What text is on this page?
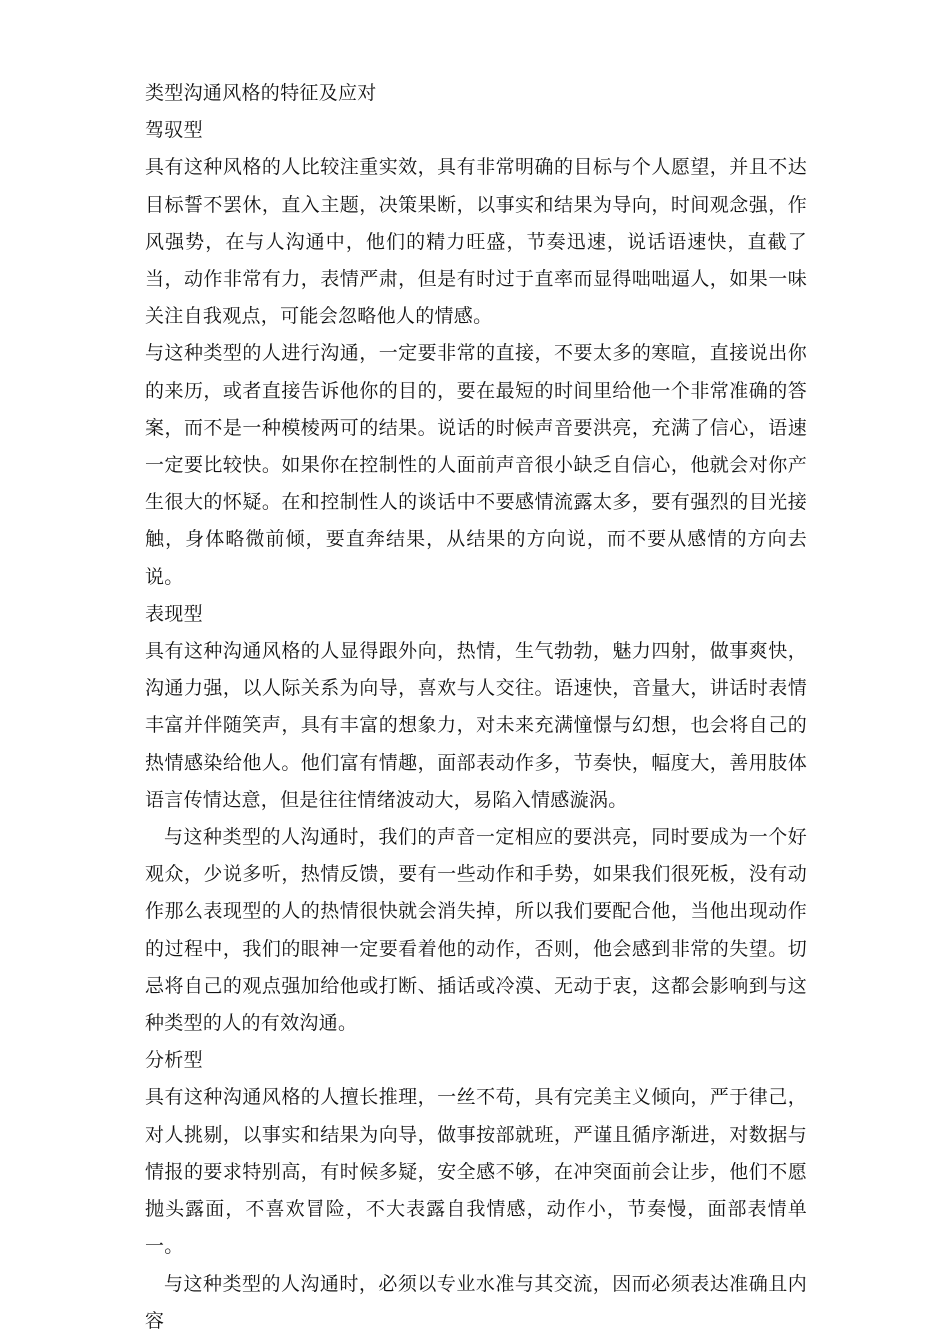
类型沟通风格的特征及应对

驾驭型

具有这种风格的人比较注重实效，具有非常明确的目标与个人愿望，并且不达目标誓不罢休，直入主题，决策果断，以事实和结果为导向，时间观念强，作风强势，在与人沟通中，他们的精力旺盛，节奏迅速，说话语速快，直截了当，动作非常有力，表情严肃，但是有时过于直率而显得咄咄逼人，如果一味关注自我观点，可能会忽略他人的情感。

与这种类型的人进行沟通，一定要非常的直接，不要太多的寒暄，直接说出你的来历，或者直接告诉他你的目的，要在最短的时间里给他一个非常准确的答案，而不是一种模棱两可的结果。说话的时候声音要洪亮，充满了信心，语速一定要比较快。如果你在控制性的人面前声音很小缺乏自信心，他就会对你产生很大的怀疑。在和控制性人的谈话中不要感情流露太多，要有强烈的目光接触，身体略微前倾，要直奔结果，从结果的方向说，而不要从感情的方向去说。

表现型

具有这种沟通风格的人显得跟外向，热情，生气勃勃，魅力四射，做事爽快，沟通力强，以人际关系为向导，喜欢与人交往。语速快，音量大，讲话时表情丰富并伴随笑声，具有丰富的想象力，对未来充满憧憬与幻想，也会将自己的热情感染给他人。他们富有情趣，面部表动作多，节奏快，幅度大，善用肢体语言传情达意，但是往往情绪波动大，易陷入情感漩涡。

与这种类型的人沟通时，我们的声音一定相应的要洪亮，同时要成为一个好观众，少说多听，热情反馈，要有一些动作和手势，如果我们很死板，没有动作那么表现型的人的热情很快就会消失掉，所以我们要配合他，当他出现动作的过程中，我们的眼神一定要看着他的动作，否则，他会感到非常的失望。切忌将自己的观点强加给他或打断、插话或冷漠、无动于衷，这都会影响到与这种类型的人的有效沟通。

分析型

具有这种沟通风格的人擅长推理，一丝不苟，具有完美主义倾向，严于律己，对人挑剔，以事实和结果为向导，做事按部就班，严谨且循序渐进，对数据与情报的要求特别高，有时候多疑，安全感不够，在冲突面前会让步，他们不愿抛头露面，不喜欢冒险，不大表露自我情感，动作小，节奏慢，面部表情单一。

与这种类型的人沟通时，必须以专业水准与其交流，因而必须表达准确且内容
